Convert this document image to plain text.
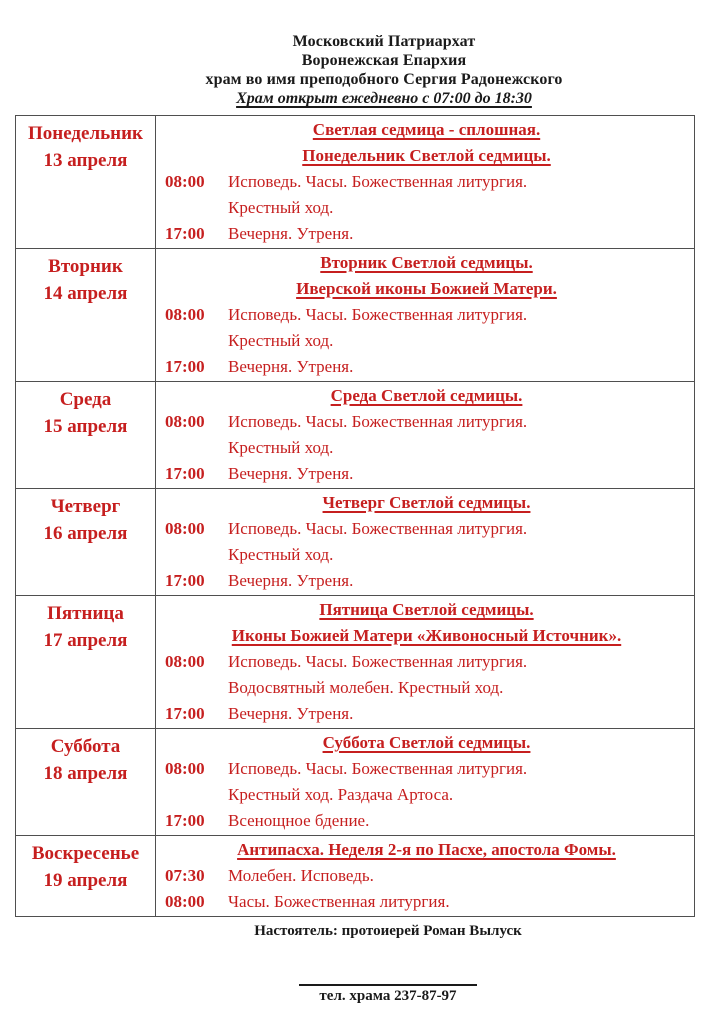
Московский Патриархат
Воронежская Епархия
храм во имя преподобного Сергия Радонежского
Храм открыт ежедневно с 07:00 до 18:30
Понедельник
13 апреля
Светлая седмица - сплошная.
Понедельник Светлой седмицы.
08:00	Исповедь. Часы. Божественная литургия.
Крестный ход.
17:00	Вечерня. Утреня.
Вторник
14 апреля
Вторник Светлой седмицы.
Иверской иконы Божией Матери.
08:00	Исповедь. Часы. Божественная литургия.
Крестный ход.
17:00	Вечерня. Утреня.
Среда
15 апреля
Среда Светлой седмицы.
08:00	Исповедь. Часы. Божественная литургия.
Крестный ход.
17:00	Вечерня. Утреня.
Четверг
16 апреля
Четверг Светлой седмицы.
08:00	Исповедь. Часы. Божественная литургия.
Крестный ход.
17:00	Вечерня. Утреня.
Пятница
17 апреля
Пятница Светлой седмицы.
Иконы Божией Матери «Живоносный Источник».
08:00	Исповедь. Часы. Божественная литургия.
Водосвятный молебен. Крестный ход.
17:00	Вечерня. Утреня.
Суббота
18 апреля
Суббота Светлой седмицы.
08:00	Исповедь. Часы. Божественная литургия.
Крестный ход. Раздача Артоса.
17:00	Всенощное бдение.
Воскресенье
19 апреля
Антипасха. Неделя 2-я по Пасхе, апостола Фомы.
07:30	Молебен. Исповедь.
08:00	Часы. Божественная литургия.
Настоятель: протоиерей Роман Вылуск
тел. храма 237-87-97
